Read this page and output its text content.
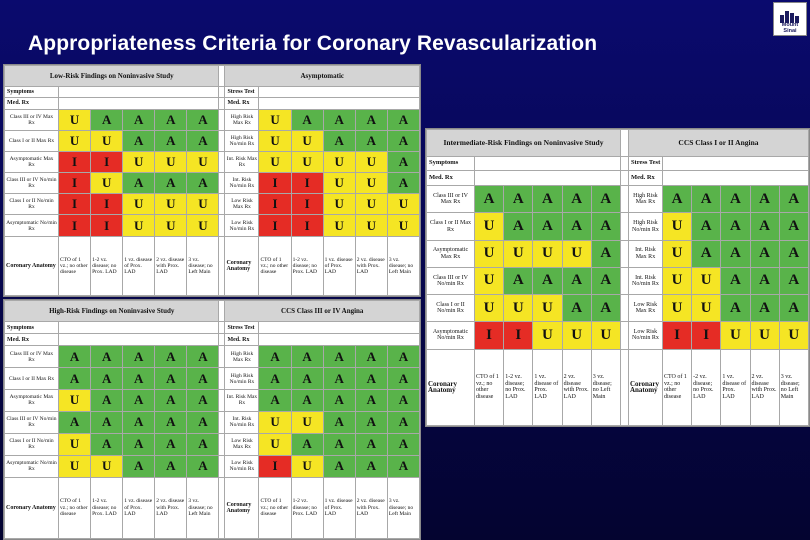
Appropriateness Criteria for Coronary Revascularization
Mount
Sinai
Low-Risk Findings on Noninvasive Study							Asymptomatic					
Symptoms							Stress Test					
Med. Rx							Med. Rx					
Class III or IV Max Rx	U	A	A	A	A		High Risk Max Rx	U	A	A	A	A
Class I or II Max Rx	U	U	A	A	A		High Risk No/min Rx	U	U	A	A	A
Asymptomatic Max Rx	I	I	U	U	U		Int. Risk Max Rx	U	U	U	U	A
Class III or IV No/min Rx	I	U	A	A	A		Int. Risk No/min Rx	I	I	U	U	A
Class I or II No/min Rx	I	I	U	U	U		Low Risk Max Rx	I	I	U	U	U
Asymptomatic No/min Rx	I	I	U	U	U		Low Risk No/min Rx	I	I	U	U	U
Coronary Anatomy	CTO of 1 vz.; no other disease	1-2 vz. disease; no Prox. LAD	1 vz. disease of Prox. LAD	2 vz. disease with Prox. LAD	3 vz. disease; no Left Main		Coronary Anatomy	CTO of 1 vz.; no other disease	1-2 vz. disease; no Prox. LAD	1 vz. disease of Prox. LAD	2 vz. disease with Prox. LAD	3 vz. disease; no Left Main
High-Risk Findings on Noninvasive Study							CCS Class III or IV Angina					
Symptoms							Stress Test					
Med. Rx							Med. Rx					
Class III or IV Max Rx	A	A	A	A	A		High Risk Max Rx	A	A	A	A	A
Class I or II Max Rx	A	A	A	A	A		High Risk No/min Rx	A	A	A	A	A
Asymptomatic Max Rx	U	A	A	A	A		Int. Risk Max Rx	A	A	A	A	A
Class III or IV No/min Rx	A	A	A	A	A		Int. Risk No/min Rx	U	U	A	A	A
Class I or II No/min Rx	U	A	A	A	A		Low Risk Max Rx	U	A	A	A	A
Asymptomatic No/min Rx	U	U	A	A	A		Low Risk No/min Rx	I	U	A	A	A
Coronary Anatomy	CTO of 1 vz.; no other disease	1-2 vz. disease; no Prox. LAD	1 vz. disease of Prox. LAD	2 vz. disease with Prox. LAD	3 vz. disease; no Left Main		Coronary Anatomy	CTO of 1 vz.; no other disease	1-2 vz. disease; no Prox. LAD	1 vz. disease of Prox. LAD	2 vz. disease with Prox. LAD	3 vz. disease; no Left Main
Intermediate-Risk Findings on Noninvasive Study							CCS Class I or II Angina					
Symptoms							Stress Test					
Med. Rx							Med. Rx					
Class III or IV Max Rx	A	A	A	A	A		High Risk Max Rx	A	A	A	A	A
Class I or II Max Rx	U	A	A	A	A		High Risk No/min Rx	U	A	A	A	A
Asymptomatic Max Rx	U	U	U	U	A		Int. Risk Max Rx	U	A	A	A	A
Class III or IV No/min Rx	U	A	A	A	A		Int. Risk No/min Rx	U	U	A	A	A
Class I or II No/min Rx	U	U	U	A	A		Low Risk Max Rx	U	U	A	A	A
Asymptomatic No/min Rx	I	I	U	U	U		Low Risk No/min Rx	I	I	U	U	U
Coronary Anatomy	CTO of 1 vz.; no other disease	1-2 vz. disease; no Prox. LAD	1 vz. disease of Prox. LAD	2 vz. disease with Prox. LAD	3 vz. disease; no Left Main		Coronary Anatomy	CTO of 1 vz.; no other disease	-2 vz. disease; no Prox. LAD	1 vz. disease of Prox. LAD	2 vz. disease with Prox. LAD	3 vz. disease; no Left Main
